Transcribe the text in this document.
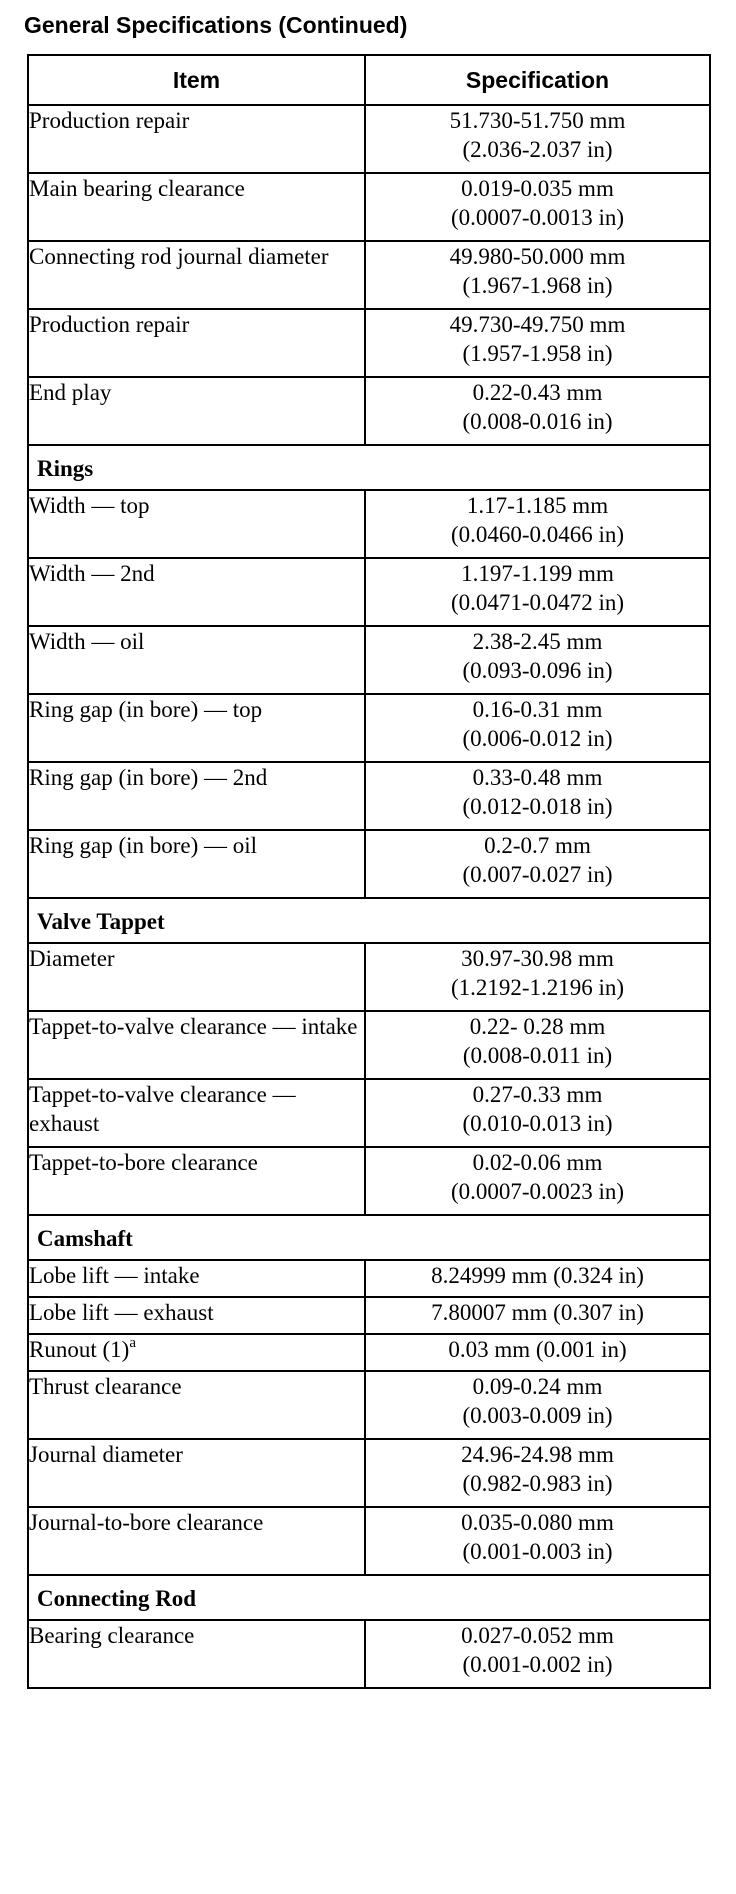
General Specifications (Continued)
Item	Specification
Production repair	51.730-51.750 mm
(2.036-2.037 in)

Main bearing clearance	0.019-0.035 mm
(0.0007-0.0013 in)

Connecting rod journal diameter	49.980-50.000 mm
(1.967-1.968 in)

Production repair	49.730-49.750 mm
(1.957-1.958 in)

End play	0.22-0.43 mm
(0.008-0.016 in)

Rings	
Width — top	1.17-1.185 mm
(0.0460-0.0466 in)

Width — 2nd	1.197-1.199 mm
(0.0471-0.0472 in)

Width — oil	2.38-2.45 mm
(0.093-0.096 in)

Ring gap (in bore) — top	0.16-0.31 mm
(0.006-0.012 in)

Ring gap (in bore) — 2nd	0.33-0.48 mm
(0.012-0.018 in)

Ring gap (in bore) — oil	0.2-0.7 mm
(0.007-0.027 in)

Valve Tappet	
Diameter	30.97-30.98 mm
(1.2192-1.2196 in)

Tappet-to-valve clearance — intake	0.22- 0.28 mm
(0.008-0.011 in)

Tappet-to-valve clearance — exhaust	0.27-0.33 mm
(0.010-0.013 in)

Tappet-to-bore clearance	0.02-0.06 mm
(0.0007-0.0023 in)

Camshaft	
Lobe lift — intake	8.24999 mm (0.324 in)

Lobe lift — exhaust	7.80007 mm (0.307 in)

Runout $(1)^a$	0.03 mm (0.001 in)

Thrust clearance	0.09-0.24 mm
(0.003-0.009 in)

Journal diameter	24.96-24.98 mm
(0.982-0.983 in)

Journal-to-bore clearance	0.035-0.080 mm
(0.001-0.003 in)

Connecting Rod	
Bearing clearance	0.027-0.052 mm
(0.001-0.002 in)
